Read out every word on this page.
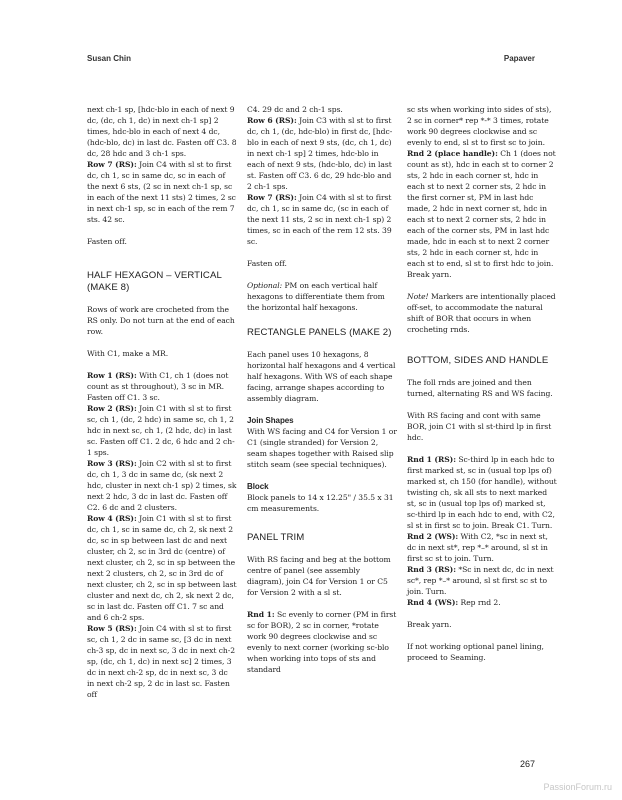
Susan Chin	Papaver

next ch-1 sp, [hdc-blo in each of next 9 dc, (dc, ch 1, dc) in next ch-1 sp] 2 times, hdc-blo in each of next 4 dc, (hdc-blo, dc) in last dc. Fasten off C3. 8 dc, 28 hdc and 3 ch-1 sps.

Row 7 (RS): Join C4 with sl st to first dc, ch 1, sc in same dc, sc in each of the next 6 sts, (2 sc in next ch-1 sp, sc in each of the next 11 sts) 2 times, 2 sc in next ch-1 sp, sc in each of the rem 7 sts. 42 sc.

Fasten off.

HALF HEXAGON – VERTICAL (MAKE 8)

Rows of work are crocheted from the RS only. Do not turn at the end of each row.

With C1, make a MR.

Row 1 (RS): With C1, ch 1 (does not count as st throughout), 3 sc in MR. Fasten off C1. 3 sc.

Row 2 (RS): Join C1 with sl st to first sc, ch 1, (dc, 2 hdc) in same sc, ch 1, 2 hdc in next sc, ch 1, (2 hdc, dc) in last sc. Fasten off C1. 2 dc, 6 hdc and 2 ch-1 sps.

Row 3 (RS): Join C2 with sl st to first dc, ch 1, 3 dc in same dc, (sk next 2 hdc, cluster in next ch-1 sp) 2 times, sk next 2 hdc, 3 dc in last dc. Fasten off C2. 6 dc and 2 clusters.

Row 4 (RS): Join C1 with sl st to first dc, ch 1, sc in same dc, ch 2, sk next 2 dc, sc in sp between last dc and next cluster, ch 2, sc in 3rd dc (centre) of next cluster, ch 2, sc in sp between the next 2 clusters, ch 2, sc in 3rd dc of next cluster, ch 2, sc in sp between last cluster and next dc, ch 2, sk next 2 dc, sc in last dc. Fasten off C1. 7 sc and and 6 ch-2 sps.

Row 5 (RS): Join C4 with sl st to first sc, ch 1, 2 dc in same sc, [3 dc in next ch-3 sp, dc in next sc, 3 dc in next ch-2 sp, (dc, ch 1, dc) in next sc] 2 times, 3 dc in next ch-2 sp, dc in next sc, 3 dc in next ch-2 sp, 2 dc in last sc. Fasten off

C4. 29 dc and 2 ch-1 sps.

Row 6 (RS): Join C3 with sl st to first dc, ch 1, (dc, hdc-blo) in first dc, [hdc-blo in each of next 9 sts, (dc, ch 1, dc) in next ch-1 sp] 2 times, hdc-blo in each of next 9 sts, (hdc-blo, dc) in last st. Fasten off C3. 6 dc, 29 hdc-blo and 2 ch-1 sps.

Row 7 (RS): Join C4 with sl st to first dc, ch 1, sc in same dc, (sc in each of the next 11 sts, 2 sc in next ch-1 sp) 2 times, sc in each of the rem 12 sts. 39 sc.

Fasten off.

Optional: PM on each vertical half hexagons to differentiate them from the horizontal half hexagons.

RECTANGLE PANELS (MAKE 2)

Each panel uses 10 hexagons, 8 horizontal half hexagons and 4 vertical half hexagons. With WS of each shape facing, arrange shapes according to assembly diagram.

Join Shapes

With WS facing and C4 for Version 1 or C1 (single stranded) for Version 2, seam shapes together with Raised slip stitch seam (see special techniques).

Block

Block panels to 14 x 12.25" / 35.5 x 31 cm measurements.

PANEL TRIM

With RS facing and beg at the bottom centre of panel (see assembly diagram), join C4 for Version 1 or C5 for Version 2 with a sl st.

Rnd 1: Sc evenly to corner (PM in first sc for BOR), 2 sc in corner, *rotate work 90 degrees clockwise and sc evenly to next corner (working sc-blo when working into tops of sts and standard

sc sts when working into sides of sts), 2 sc in corner* rep *-* 3 times, rotate work 90 degrees clockwise and sc evenly to end, sl st to first sc to join.

Rnd 2 (place handle): Ch 1 (does not count as st), hdc in each st to corner 2 sts, 2 hdc in each corner st, hdc in each st to next 2 corner sts, 2 hdc in the first corner st, PM in last hdc made, 2 hdc in next corner st, hdc in each st to next 2 corner sts, 2 hdc in each of the corner sts, PM in last hdc made, hdc in each st to next 2 corner sts, 2 hdc in each corner st, hdc in each st to end, sl st to first hdc to join. Break yarn.

Note! Markers are intentionally placed off-set, to accommodate the natural shift of BOR that occurs in when crocheting rnds.

BOTTOM, SIDES AND HANDLE

The foll rnds are joined and then turned, alternating RS and WS facing.

With RS facing and cont with same BOR, join C1 with sl st-third lp in first hdc.

Rnd 1 (RS): Sc-third lp in each hdc to first marked st, sc in (usual top lps of) marked st, ch 150 (for handle), without twisting ch, sk all sts to next marked st, sc in (usual top lps of) marked st, sc-third lp in each hdc to end, with C2, sl st in first sc to join. Break C1. Turn.

Rnd 2 (WS): With C2, *sc in next st, dc in next st*, rep *–* around, sl st in first sc st to join. Turn.

Rnd 3 (RS): *Sc in next dc, dc in next sc*, rep *–* around, sl st first sc st to join. Turn.

Rnd 4 (WS): Rep rnd 2.

Break yarn.

If not working optional panel lining, proceed to Seaming.

267
PassionForum.ru
